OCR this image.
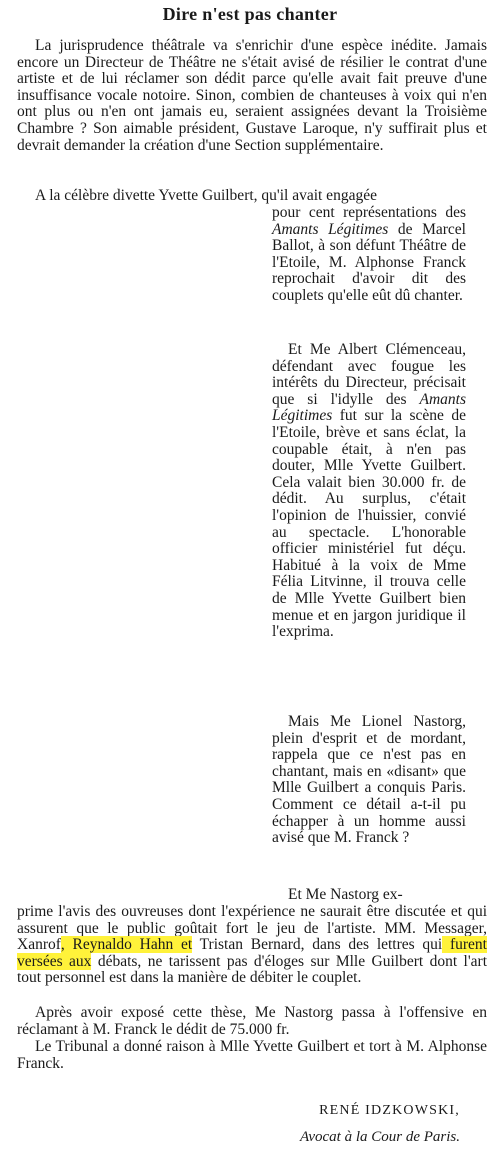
Dire n'est pas chanter

La jurisprudence théâtrale va s'enrichir d'une espèce inédite. Jamais encore un Directeur de Théâtre ne s'était avisé de résilier le contrat d'une artiste et de lui réclamer son dédit parce qu'elle avait fait preuve d'une insuffisance vocale notoire. Sinon, combien de chanteuses à voix qui n'en ont plus ou n'en ont jamais eu, seraient assignées devant la Troisième Chambre ? Son aimable président, Gustave Laroque, n'y suffirait plus et devrait demander la création d'une Section supplémentaire.

A la célèbre divette Yvette Guilbert, qu'il avait engagée

pour cent représentations des Amants Légitimes de Marcel Ballot, à son défunt Théâtre de l'Etoile, M. Alphonse Franck reprochait d'avoir dit des couplets qu'elle eût dû chanter.

Et Me Albert Clémenceau, défendant avec fougue les intérêts du Directeur, précisait que si l'idylle des Amants Légitimes fut sur la scène de l'Etoile, brève et sans éclat, la coupable était, à n'en pas douter, Mlle Yvette Guilbert. Cela valait bien 30.000 fr. de dédit. Au surplus, c'était l'opinion de l'huissier, convié au spectacle. L'honorable officier ministériel fut déçu. Habitué à la voix de Mme Félia Litvinne, il trouva celle de Mlle Yvette Guilbert bien menue et en jargon juridique il l'exprima.

Mais Me Lionel Nastorg, plein d'esprit et de mordant, rappela que ce n'est pas en chantant, mais en «disant» que Mlle Guilbert a conquis Paris. Comment ce détail a-t-il pu échapper à un homme aussi avisé que M. Franck ?

Et Me Nastorg ex-

prime l'avis des ouvreuses dont l'expérience ne saurait être discutée et qui assurent que le public goûtait fort le jeu de l'artiste. MM. Messager, Xanrof, Reynaldo Hahn et Tristan Bernard, dans des lettres qui furent versées aux débats, ne tarissent pas d'éloges sur Mlle Guilbert dont l'art tout personnel est dans la manière de débiter le couplet.

Après avoir exposé cette thèse, Me Nastorg passa à l'offensive en réclamant à M. Franck le dédit de 75.000 fr.

Le Tribunal a donné raison à Mlle Yvette Guilbert et tort à M. Alphonse Franck.

RENÉ IDZKOWSKI,
Avocat à la Cour de Paris.
